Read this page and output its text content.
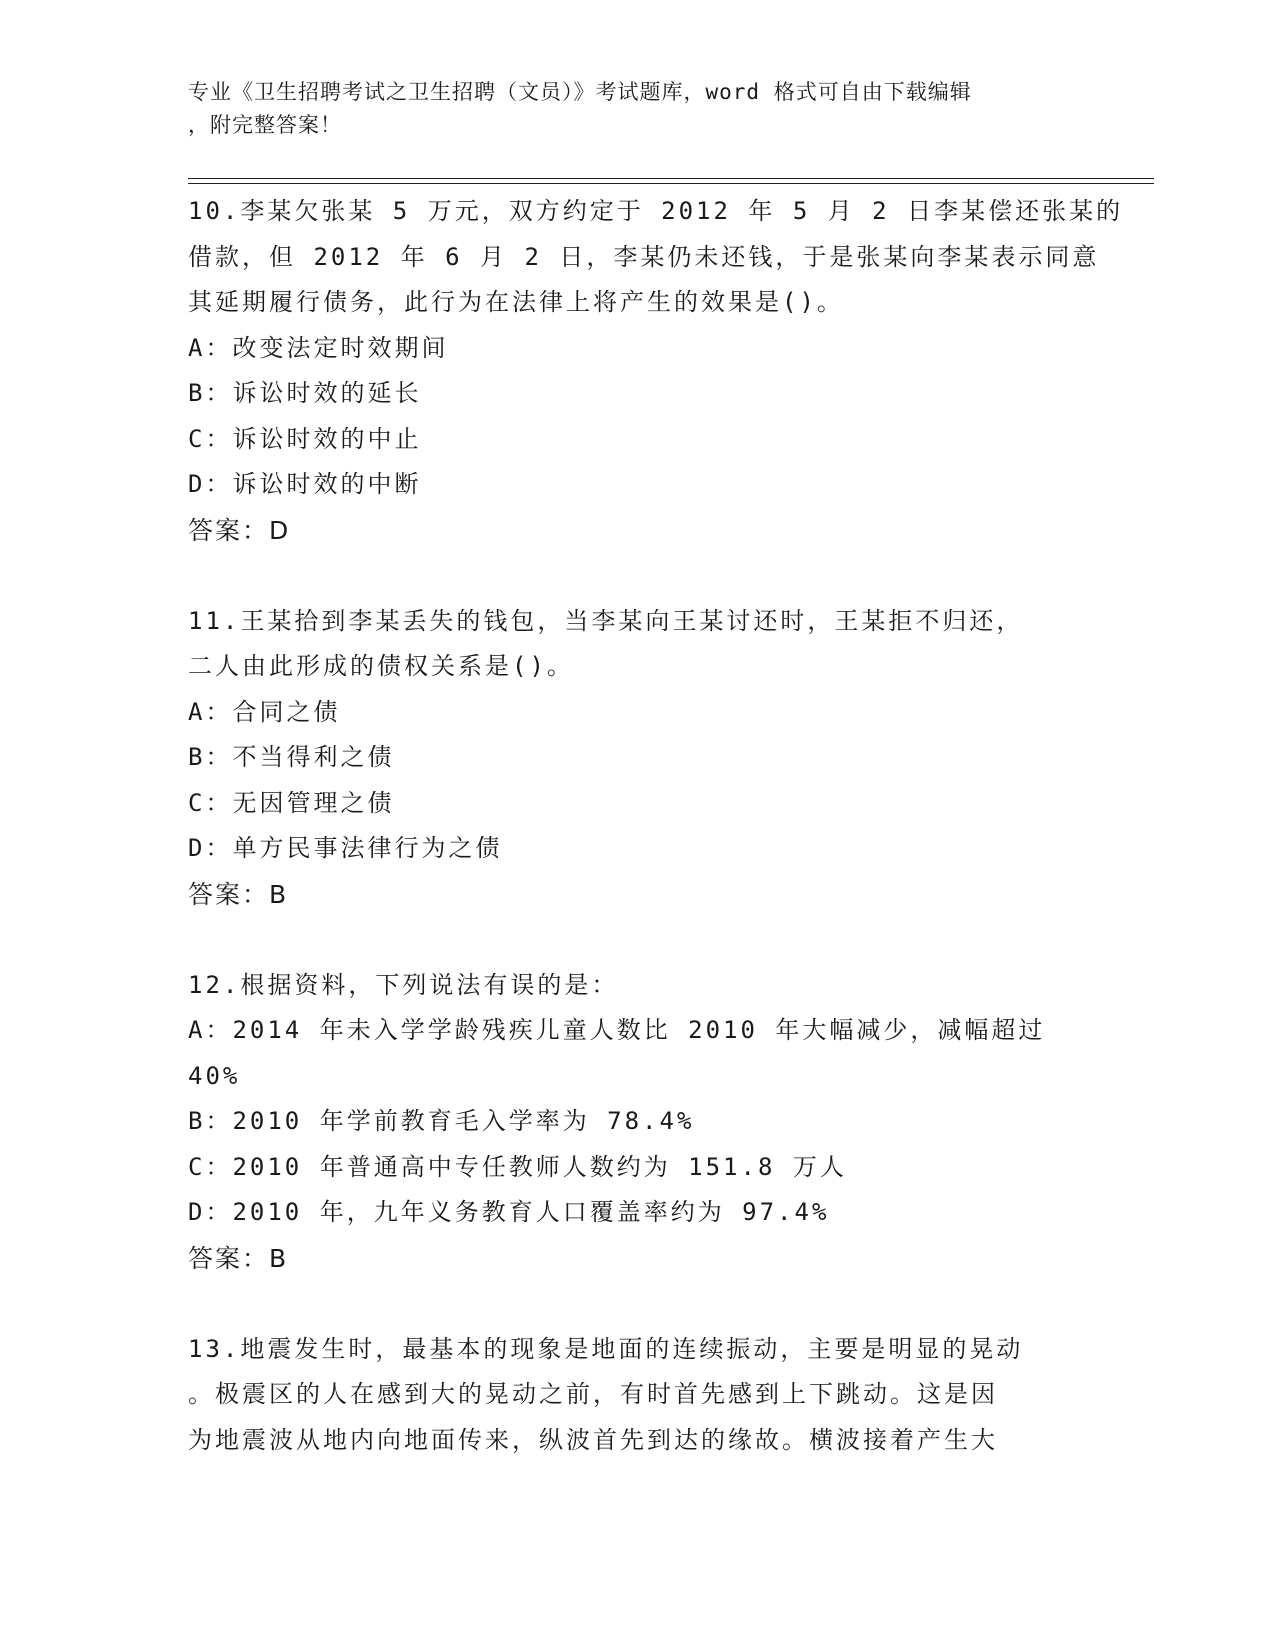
专业《卫生招聘考试之卫生招聘（文员）》考试题库，word 格式可自由下载编辑
，附完整答案！
10.李某欠张某 5 万元，双方约定于 2012 年 5 月 2 日李某偿还张某的
借款，但 2012 年 6 月 2 日，李某仍未还钱，于是张某向李某表示同意
其延期履行债务，此行为在法律上将产生的效果是()。
A：改变法定时效期间
B：诉讼时效的延长
C：诉讼时效的中止
D：诉讼时效的中断
答案：D
11.王某拾到李某丢失的钱包，当李某向王某讨还时，王某拒不归还，
二人由此形成的债权关系是()。
A：合同之债
B：不当得利之债
C：无因管理之债
D：单方民事法律行为之债
答案：B
12.根据资料，下列说法有误的是：
A：2014 年未入学学龄残疾儿童人数比 2010 年大幅减少，减幅超过
40%
B：2010 年学前教育毛入学率为 78.4%
C：2010 年普通高中专任教师人数约为 151.8 万人
D：2010 年，九年义务教育人口覆盖率约为 97.4%
答案：B
13.地震发生时，最基本的现象是地面的连续振动，主要是明显的晃动
。极震区的人在感到大的晃动之前，有时首先感到上下跳动。这是因
为地震波从地内向地面传来，纵波首先到达的缘故。横波接着产生大
